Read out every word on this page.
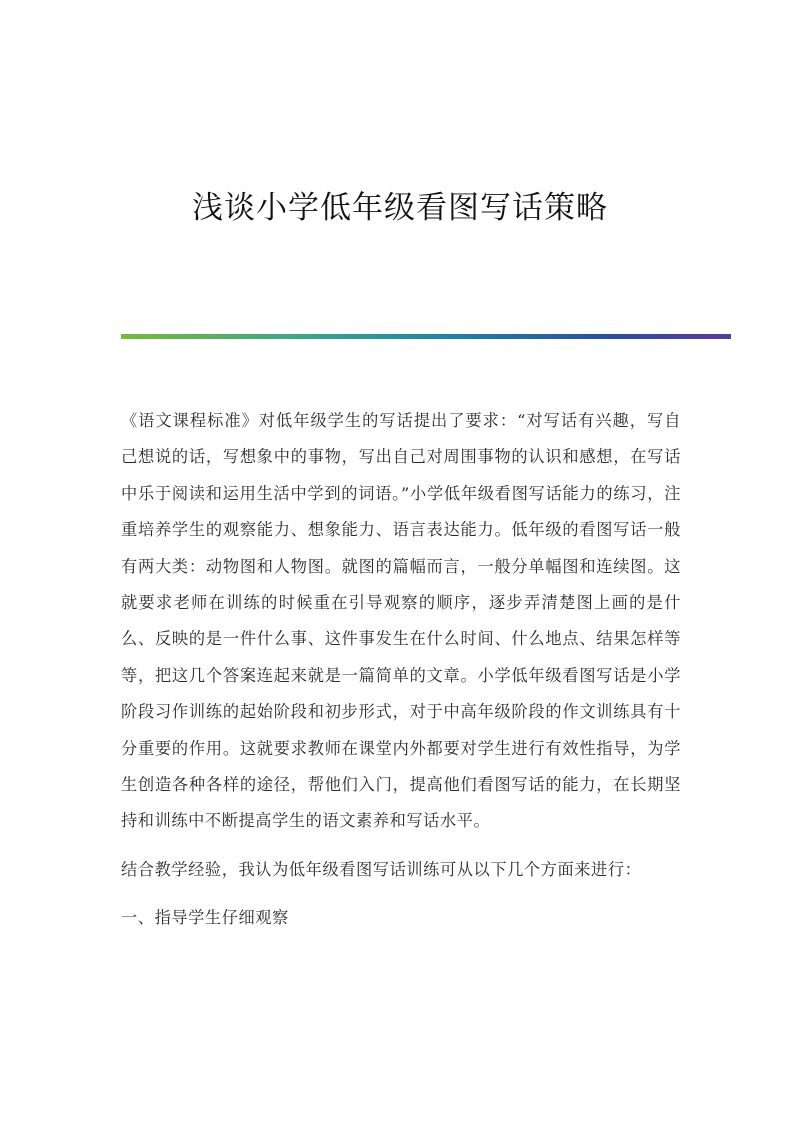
浅谈小学低年级看图写话策略

《语文课程标准》对低年级学生的写话提出了要求：“对写话有兴趣，写自己想说的话，写想象中的事物，写出自己对周围事物的认识和感想，在写话中乐于阅读和运用生活中学到的词语。”小学低年级看图写话能力的练习，注重培养学生的观察能力、想象能力、语言表达能力。低年级的看图写话一般有两大类：动物图和人物图。就图的篇幅而言，一般分单幅图和连续图。这就要求老师在训练的时候重在引导观察的顺序，逐步弄清楚图上画的是什么、反映的是一件什么事、这件事发生在什么时间、什么地点、结果怎样等等，把这几个答案连起来就是一篇简单的文章。小学低年级看图写话是小学阶段习作训练的起始阶段和初步形式，对于中高年级阶段的作文训练具有十分重要的作用。这就要求教师在课堂内外都要对学生进行有效性指导，为学生创造各种各样的途径，帮他们入门，提高他们看图写话的能力，在长期坚持和训练中不断提高学生的语文素养和写话水平。

结合教学经验，我认为低年级看图写话训练可从以下几个方面来进行：

一、指导学生仔细观察
